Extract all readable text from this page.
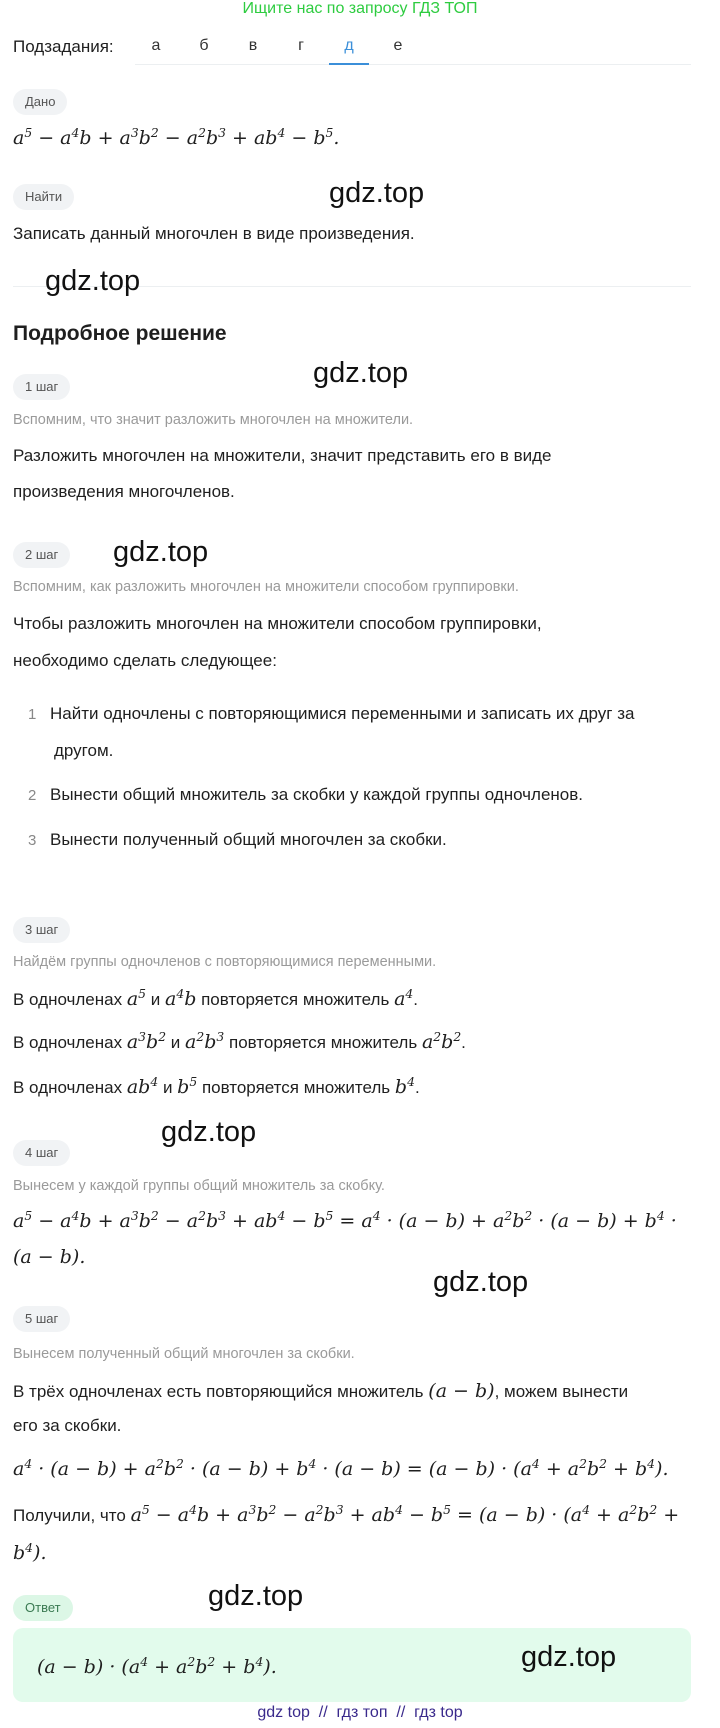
Ищите нас по запросу ГДЗ ТОП
Подзадания:	а	б	в	г	д	е
Дано
$a^5 - a^4b + a^3b^2 - a^2b^3 + ab^4 - b^5$.
Найти
Записать данный многочлен в виде произведения.
Подробное решение
1 шаг
Вспомним, что значит разложить многочлен на множители.
Разложить многочлен на множители, значит представить его в виде
произведения многочленов.
2 шаг
Вспомним, как разложить многочлен на множители способом группировки.
Чтобы разложить многочлен на множители способом группировки,
необходимо сделать следующее:
1 Найти одночлены с повторяющимися переменными и записать их друг за
другом.
2 Вынести общий множитель за скобки у каждой группы одночленов.
3 Вынести полученный общий многочлен за скобки.
3 шаг
Найдём группы одночленов с повторяющимися переменными.
В одночленах $a^5$ и $a^4b$ повторяется множитель $a^4$.
В одночленах $a^3b^2$ и $a^2b^3$ повторяется множитель $a^2b^2$.
В одночленах $ab^4$ и $b^5$ повторяется множитель $b^4$.
4 шаг
Вынесем у каждой группы общий множитель за скобку.
$a^5 - a^4b + a^3b^2 - a^2b^3 + ab^4 - b^5 = a^4 \cdot (a - b) + a^2b^2 \cdot (a - b) + b^4$ ·
(a − b).
5 шаг
Вынесем полученный общий многочлен за скобки.
В трёх одночленах есть повторяющийся множитель (a − b), можем вынести
его за скобки.
$a^4 \cdot (a - b) + a^2b^2 \cdot (a - b) + b^4 \cdot (a - b) = (a - b) \cdot (a^4 + a^2b^2 + b^4)$.
Получили, что $a^5 - a^4b + a^3b^2 - a^2b^3 + ab^4 - b^5 = (a - b) \cdot (a^4 + a^2b^2$ +
$b^4$).
Ответ
$(a - b) \cdot (a^4 + a^2b^2 + b^4)$.
gdz.top
gdz.top
gdz.top
gdz.top
gdz.top
gdz.top
gdz.top
gdz.top
gdz top  //  гдз топ  //  гдз top
